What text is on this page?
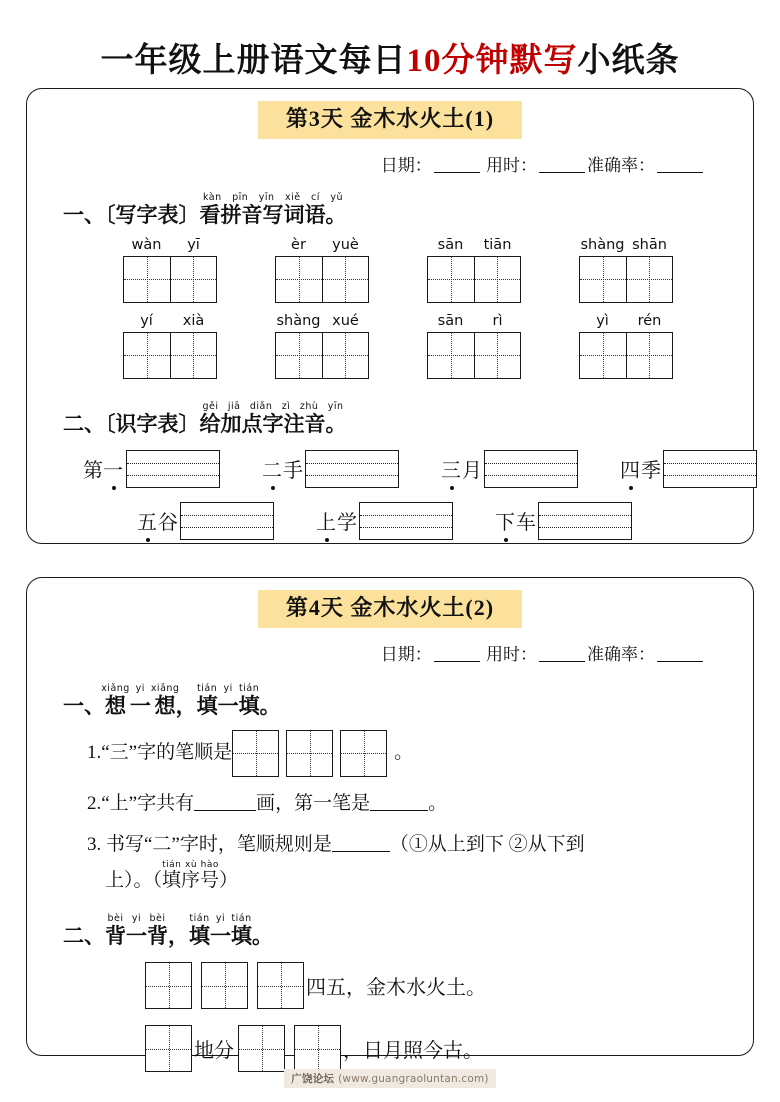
一年级上册语文每日10分钟默写小纸条
第3天 金木水火土(1)
日期：	用时：	准确率：
一、〔写字表〕看拼音写词语。kàn pīn yīn xiě cí yǔ
wàn yī	èr yuè	sān tiān	shàng shān
yí xià	shàng xué	sān rì	yì rén
二、〔识字表〕给加点字注音。gěi jiā diǎn zì zhù yīn
第一	二手	三月	四季
五谷	上学	下车
第4天 金木水火土(2)
日期：	用时：	准确率：
一、想xiǎng一yi想xiǎng，填tián一yi填tián。
1.“三”字的笔顺是	。
2.“上”字共有	画，第一笔是	。
3. 书写“二”字时，笔顺规则是	（①从上到下 ②从下到
上）。（填序号tián xù hào）
二、背bèi一yi背bèi，填tián一yi填tián。
四五，金木水火土。
地分	，日月照今古。
广饶论坛 (www.guangraoluntan.com)
